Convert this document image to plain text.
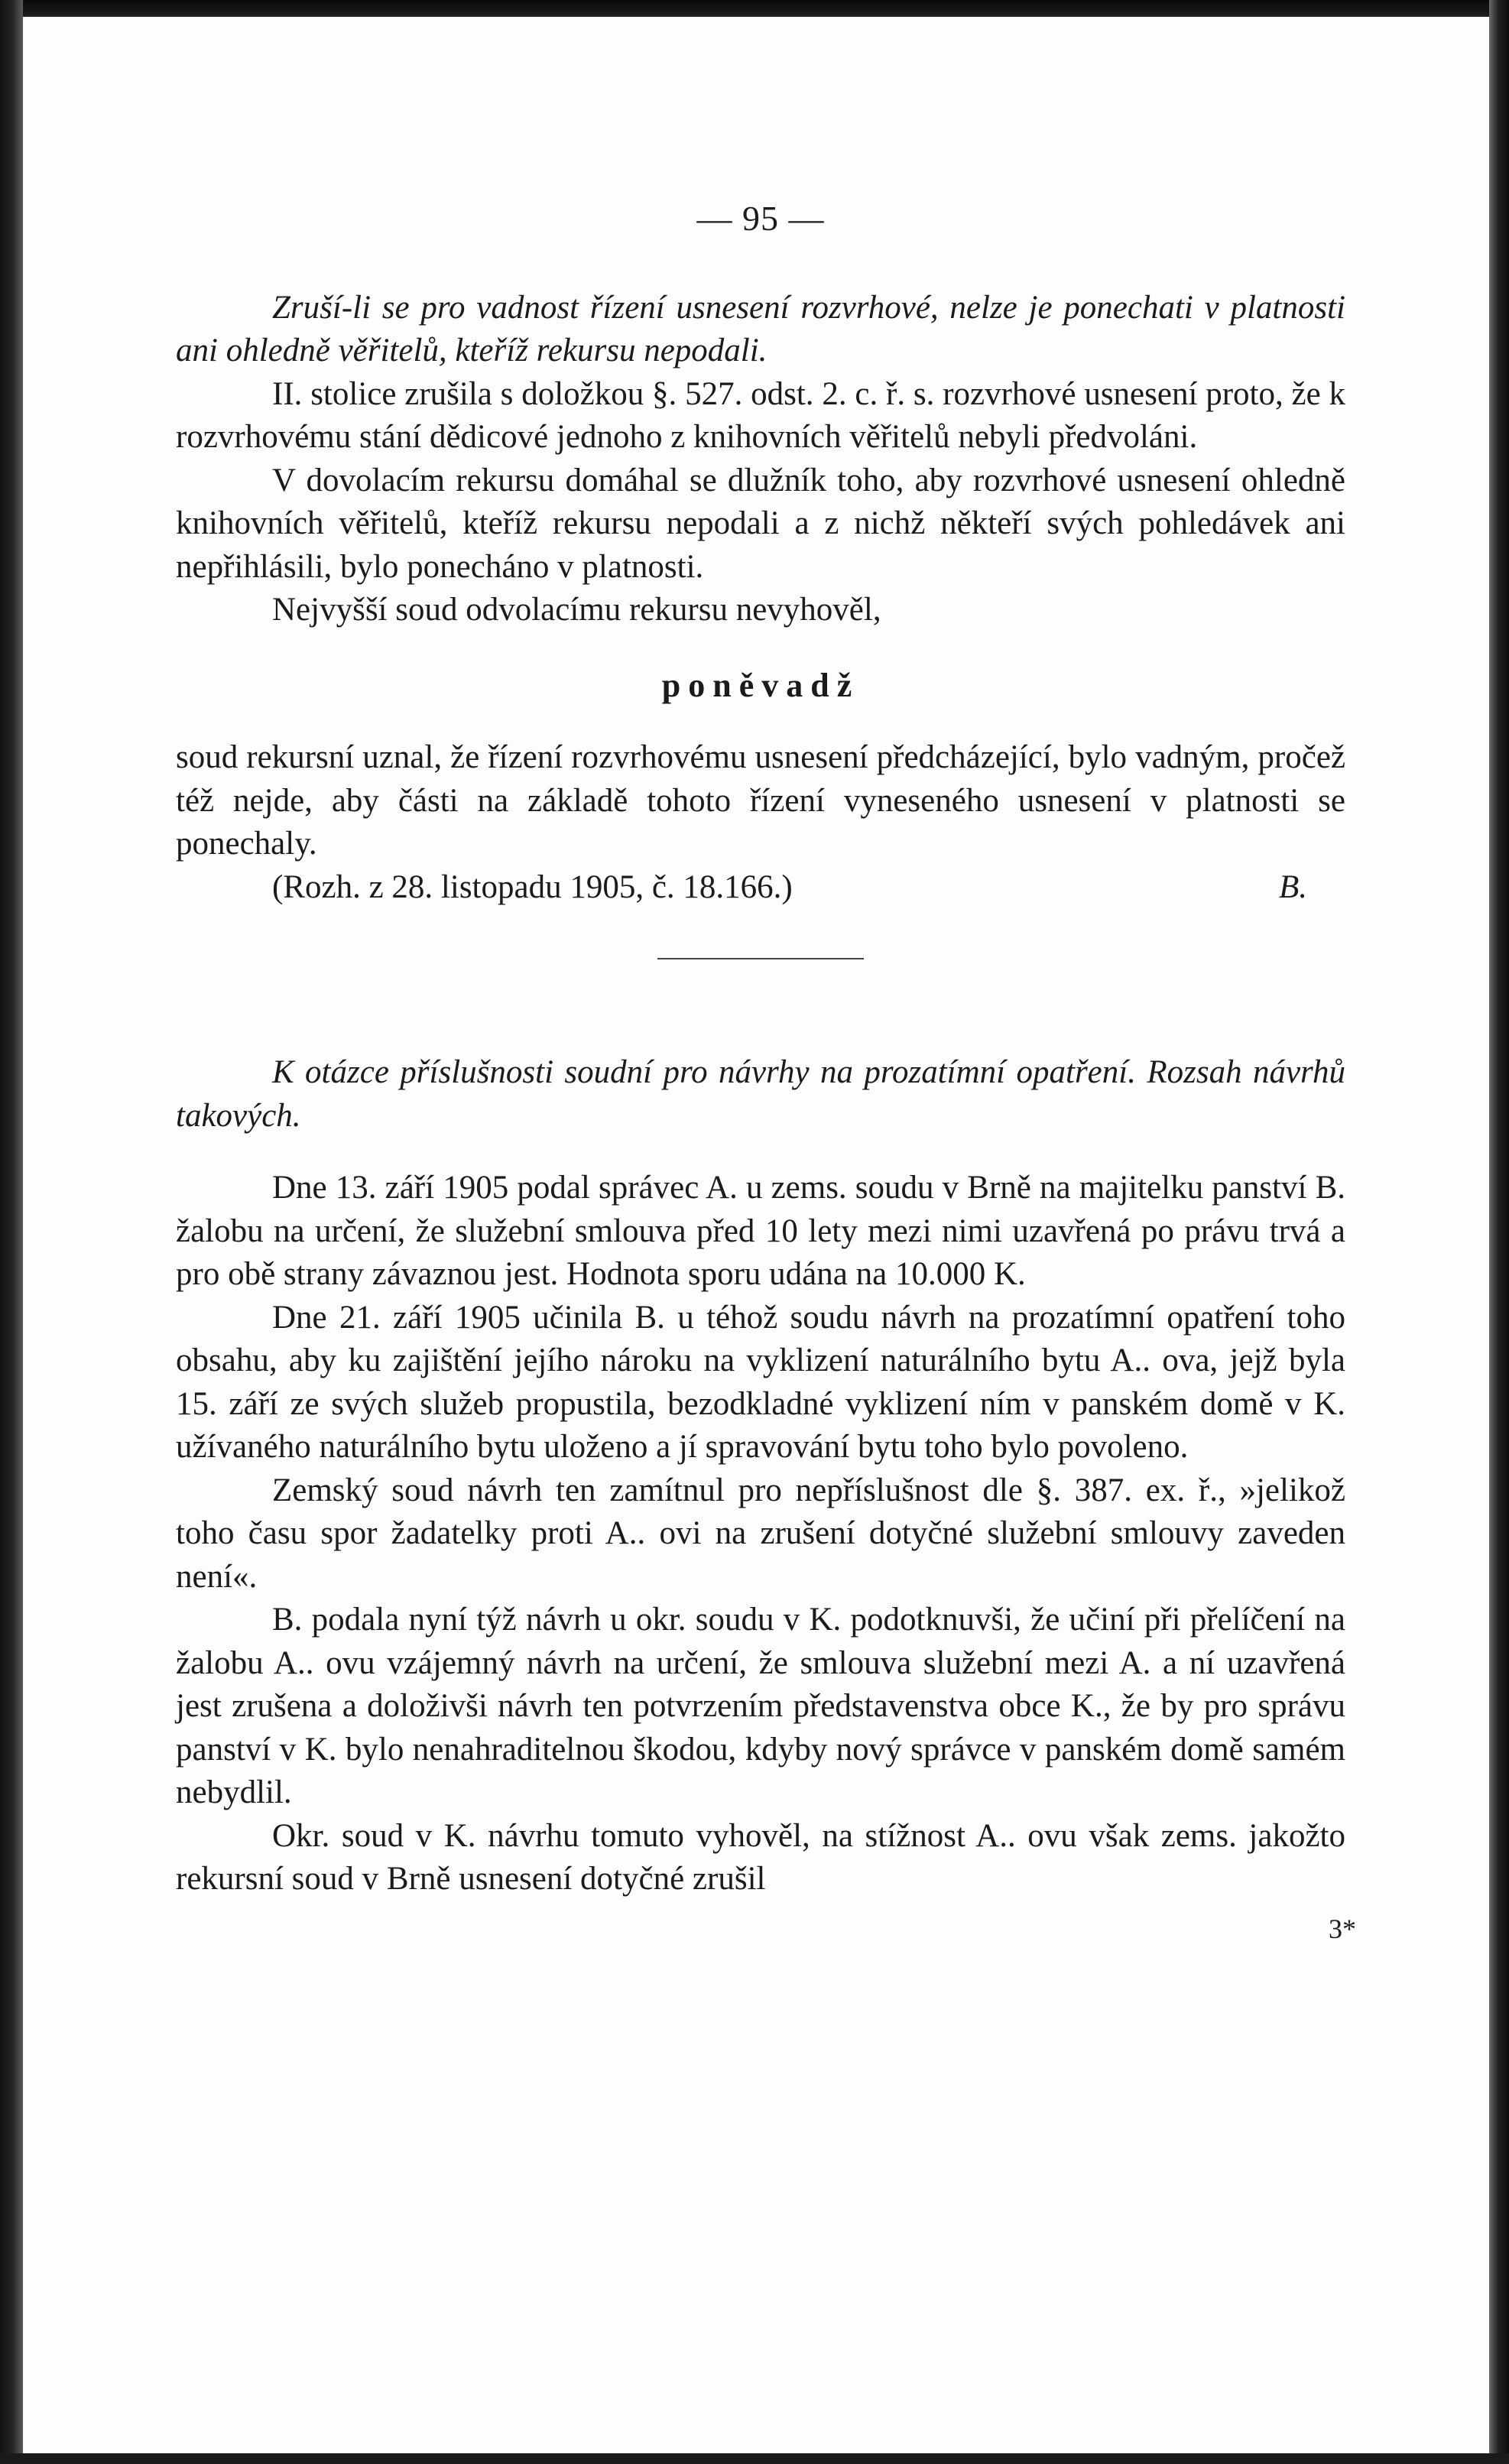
— 95 —

Zruší-li se pro vadnost řízení usnesení rozvrhové, nelze je ponechati v platnosti ani ohledně věřitelů, kteříž rekursu nepodali.

II. stolice zrušila s doložkou §. 527. odst. 2. c. ř. s. rozvrhové usnesení proto, že k rozvrhovému stání dědicové jednoho z knihovních věřitelů nebyli předvoláni.

V dovolacím rekursu domáhal se dlužník toho, aby rozvrhové usnesení ohledně knihovních věřitelů, kteříž rekursu nepodali a z nichž někteří svých pohledávek ani nepřihlásili, bylo ponecháno v platnosti.

Nejvyšší soud odvolacímu rekursu nevyhověl,

poněvadž

soud rekursní uznal, že řízení rozvrhovému usnesení předcházející, bylo vadným, pročež též nejde, aby části na základě tohoto řízení vyneseného usnesení v platnosti se ponechaly.

(Rozh. z 28. listopadu 1905, č. 18.166.)	B.

K otázce příslušnosti soudní pro návrhy na prozatímní opatření. Rozsah návrhů takových.

Dne 13. září 1905 podal správec A. u zems. soudu v Brně na majitelku panství B. žalobu na určení, že služební smlouva před 10 lety mezi nimi uzavřená po právu trvá a pro obě strany závaznou jest. Hodnota sporu udána na 10.000 K.

Dne 21. září 1905 učinila B. u téhož soudu návrh na prozatímní opatření toho obsahu, aby ku zajištění jejího nároku na vyklizení naturálního bytu A.. ova, jejž byla 15. září ze svých služeb propustila, bezodkladné vyklizení ním v panském domě v K. užívaného naturálního bytu uloženo a jí spravování bytu toho bylo povoleno.

Zemský soud návrh ten zamítnul pro nepříslušnost dle §. 387. ex. ř., »jelikož toho času spor žadatelky proti A.. ovi na zrušení dotyčné služební smlouvy zaveden není«.

B. podala nyní týž návrh u okr. soudu v K. podotknuvši, že učiní při přelíčení na žalobu A.. ovu vzájemný návrh na určení, že smlouva služební mezi A. a ní uzavřená jest zrušena a doloživši návrh ten potvrzením představenstva obce K., že by pro správu panství v K. bylo nenahraditelnou škodou, kdyby nový správce v panském domě samém nebydlil.

Okr. soud v K. návrhu tomuto vyhověl, na stížnost A.. ovu však zems. jakožto rekursní soud v Brně usnesení dotyčné zrušil

3*
